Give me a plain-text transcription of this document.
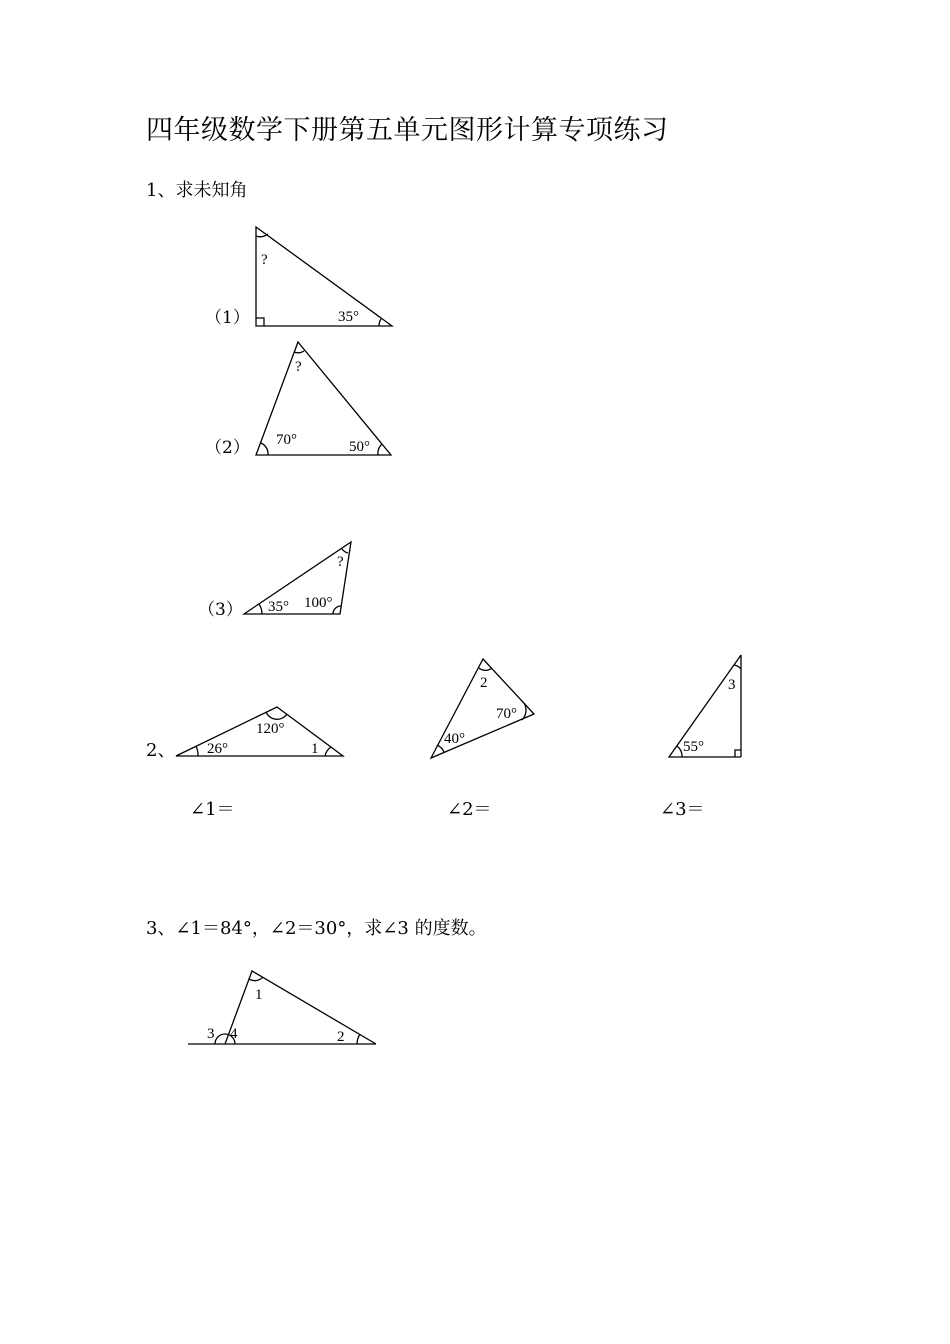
四年级数学下册第五单元图形计算专项练习
1、求未知角
（1）
（2）
（3）
2、
∠1＝	∠2＝	∠3＝
3、∠1＝84°，∠2＝30°，求∠3 的度数。
?
35°
?
70°	50°
?
35° 100°
120°
26°	1
2
70°
40°
3
55°
1
2
3 4
